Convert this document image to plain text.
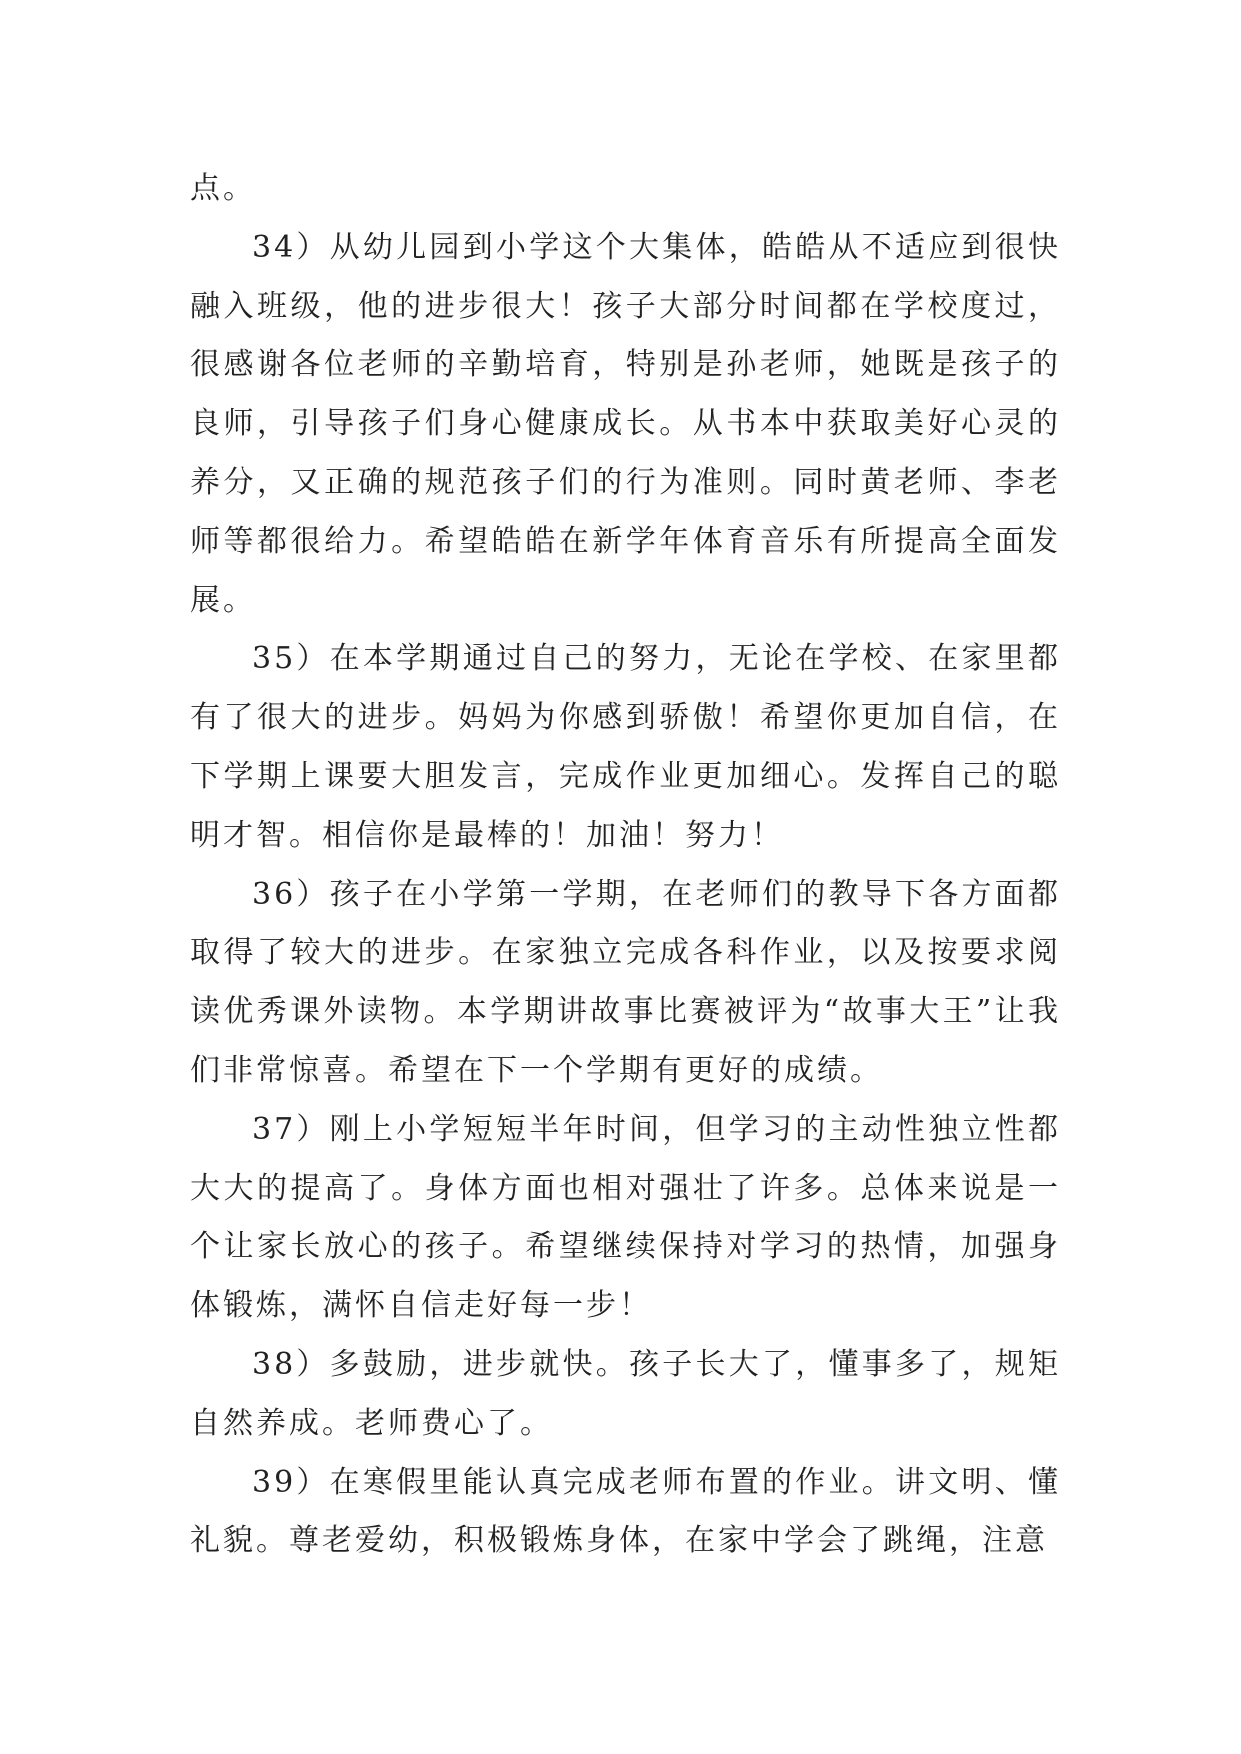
点。

34）从幼儿园到小学这个大集体，皓皓从不适应到很快融入班级，他的进步很大！孩子大部分时间都在学校度过，很感谢各位老师的辛勤培育，特别是孙老师，她既是孩子的良师，引导孩子们身心健康成长。从书本中获取美好心灵的养分，又正确的规范孩子们的行为准则。同时黄老师、李老师等都很给力。希望皓皓在新学年体育音乐有所提高全面发展。

35）在本学期通过自己的努力，无论在学校、在家里都有了很大的进步。妈妈为你感到骄傲！希望你更加自信，在下学期上课要大胆发言，完成作业更加细心。发挥自己的聪明才智。相信你是最棒的！加油！努力！

36）孩子在小学第一学期，在老师们的教导下各方面都取得了较大的进步。在家独立完成各科作业，以及按要求阅读优秀课外读物。本学期讲故事比赛被评为“故事大王”让我们非常惊喜。希望在下一个学期有更好的成绩。

37）刚上小学短短半年时间，但学习的主动性独立性都大大的提高了。身体方面也相对强壮了许多。总体来说是一个让家长放心的孩子。希望继续保持对学习的热情，加强身体锻炼，满怀自信走好每一步！

38）多鼓励，进步就快。孩子长大了，懂事多了，规矩自然养成。老师费心了。

39）在寒假里能认真完成老师布置的作业。讲文明、懂礼貌。尊老爱幼，积极锻炼身体，在家中学会了跳绳，注意
